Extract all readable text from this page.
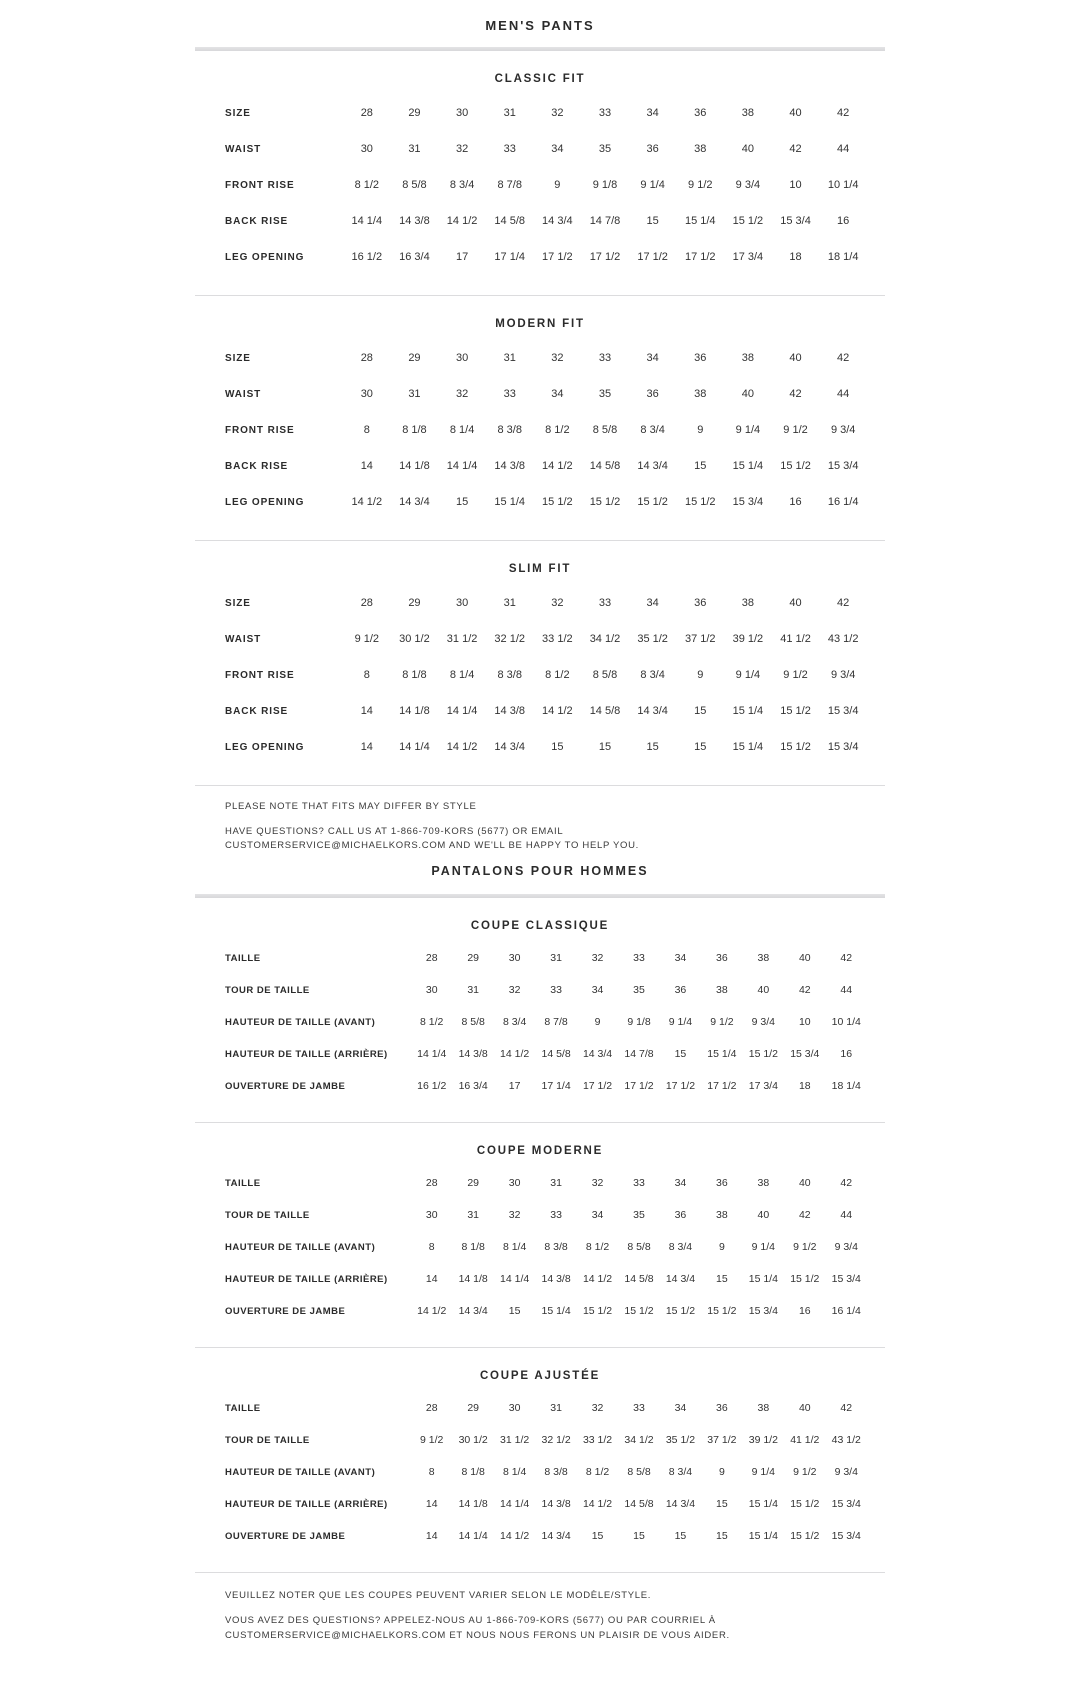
MEN'S PANTS
CLASSIC FIT
SIZE	28	29	30	31	32	33	34	36	38	40	42
WAIST	30	31	32	33	34	35	36	38	40	42	44
FRONT RISE	8 1/2	8 5/8	8 3/4	8 7/8	9	9 1/8	9 1/4	9 1/2	9 3/4	10	10 1/4
BACK RISE	14 1/4	14 3/8	14 1/2	14 5/8	14 3/4	14 7/8	15	15 1/4	15 1/2	15 3/4	16
LEG OPENING	16 1/2	16 3/4	17	17 1/4	17 1/2	17 1/2	17 1/2	17 1/2	17 3/4	18	18 1/4
MODERN FIT
SIZE	28	29	30	31	32	33	34	36	38	40	42
WAIST	30	31	32	33	34	35	36	38	40	42	44
FRONT RISE	8	8 1/8	8 1/4	8 3/8	8 1/2	8 5/8	8 3/4	9	9 1/4	9 1/2	9 3/4
BACK RISE	14	14 1/8	14 1/4	14 3/8	14 1/2	14 5/8	14 3/4	15	15 1/4	15 1/2	15 3/4
LEG OPENING	14 1/2	14 3/4	15	15 1/4	15 1/2	15 1/2	15 1/2	15 1/2	15 3/4	16	16 1/4
SLIM FIT
SIZE	28	29	30	31	32	33	34	36	38	40	42
WAIST	9 1/2	30 1/2	31 1/2	32 1/2	33 1/2	34 1/2	35 1/2	37 1/2	39 1/2	41 1/2	43 1/2
FRONT RISE	8	8 1/8	8 1/4	8 3/8	8 1/2	8 5/8	8 3/4	9	9 1/4	9 1/2	9 3/4
BACK RISE	14	14 1/8	14 1/4	14 3/8	14 1/2	14 5/8	14 3/4	15	15 1/4	15 1/2	15 3/4
LEG OPENING	14	14 1/4	14 1/2	14 3/4	15	15	15	15	15 1/4	15 1/2	15 3/4

PLEASE NOTE THAT FITS MAY DIFFER BY STYLE

HAVE QUESTIONS? CALL US AT 1-866-709-KORS (5677) OR EMAIL CUSTOMERSERVICE@MICHAELKORS.COM AND WE'LL BE HAPPY TO HELP YOU.

PANTALONS POUR HOMMES
COUPE CLASSIQUE
TAILLE	28	29	30	31	32	33	34	36	38	40	42
TOUR DE TAILLE	30	31	32	33	34	35	36	38	40	42	44
HAUTEUR DE TAILLE (AVANT)	8 1/2	8 5/8	8 3/4	8 7/8	9	9 1/8	9 1/4	9 1/2	9 3/4	10	10 1/4
HAUTEUR DE TAILLE (ARRIÈRE)	14 1/4	14 3/8	14 1/2	14 5/8	14 3/4	14 7/8	15	15 1/4	15 1/2	15 3/4	16
OUVERTURE DE JAMBE	16 1/2	16 3/4	17	17 1/4	17 1/2	17 1/2	17 1/2	17 1/2	17 3/4	18	18 1/4
COUPE MODERNE
TAILLE	28	29	30	31	32	33	34	36	38	40	42
TOUR DE TAILLE	30	31	32	33	34	35	36	38	40	42	44
HAUTEUR DE TAILLE (AVANT)	8	8 1/8	8 1/4	8 3/8	8 1/2	8 5/8	8 3/4	9	9 1/4	9 1/2	9 3/4
HAUTEUR DE TAILLE (ARRIÈRE)	14	14 1/8	14 1/4	14 3/8	14 1/2	14 5/8	14 3/4	15	15 1/4	15 1/2	15 3/4
OUVERTURE DE JAMBE	14 1/2	14 3/4	15	15 1/4	15 1/2	15 1/2	15 1/2	15 1/2	15 3/4	16	16 1/4
COUPE AJUSTÉE
TAILLE	28	29	30	31	32	33	34	36	38	40	42
TOUR DE TAILLE	9 1/2	30 1/2	31 1/2	32 1/2	33 1/2	34 1/2	35 1/2	37 1/2	39 1/2	41 1/2	43 1/2
HAUTEUR DE TAILLE (AVANT)	8	8 1/8	8 1/4	8 3/8	8 1/2	8 5/8	8 3/4	9	9 1/4	9 1/2	9 3/4
HAUTEUR DE TAILLE (ARRIÈRE)	14	14 1/8	14 1/4	14 3/8	14 1/2	14 5/8	14 3/4	15	15 1/4	15 1/2	15 3/4
OUVERTURE DE JAMBE	14	14 1/4	14 1/2	14 3/4	15	15	15	15	15 1/4	15 1/2	15 3/4

VEUILLEZ NOTER QUE LES COUPES PEUVENT VARIER SELON LE MODÈLE/STYLE.

VOUS AVEZ DES QUESTIONS? APPELEZ-NOUS AU 1-866-709-KORS (5677) OU PAR COURRIEL À CUSTOMERSERVICE@MICHAELKORS.COM ET NOUS NOUS FERONS UN PLAISIR DE VOUS AIDER.
